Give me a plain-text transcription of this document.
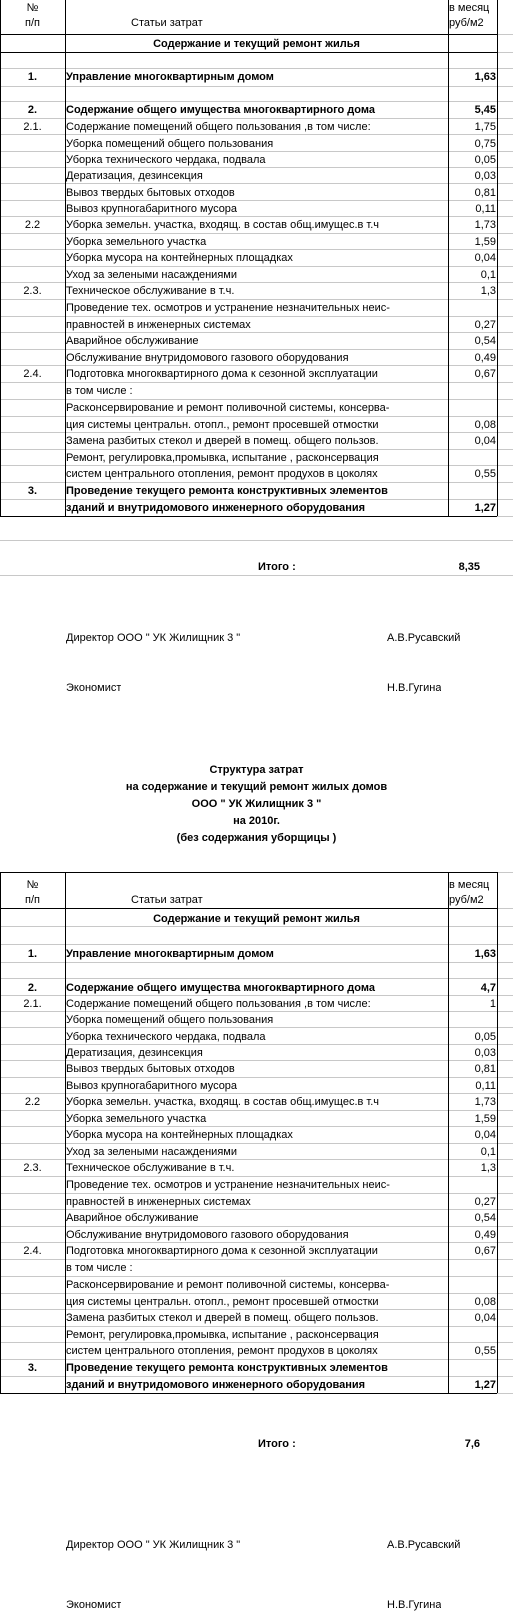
№
п/п	Статьи затрат
в месяц
руб/м2
Содержание и текущий ремонт жилья
1.	Управление многоквартирным домом	1,63
2.	Содержание общего имущества многоквартирного дома	5,45
2.1.	Содержание помещений общего пользования ,в том числе:	1,75
Уборка помещений общего пользования	0,75
Уборка технического чердака, подвала	0,05
Дератизация, дезинсекция	0,03
Вывоз твердых бытовых отходов	0,81
Вывоз крупногабаритного мусора	0,11
2.2	Уборка земельн. участка, входящ. в состав общ.имущес.в т.ч	1,73
Уборка земельного участка	1,59
Уборка мусора на контейнерных площадках	0,04
Уход за зелеными насаждениями	0,1
2.3.	Техническое обслуживание в т.ч.	1,3
Проведение тех. осмотров и устранение незначительных неис-
правностей в инженерных системах	0,27
Аварийное обслуживание	0,54
Обслуживание внутридомового газового оборудования	0,49
2.4.	Подготовка многоквартирного дома к сезонной эксплуатации	0,67
в том числе :
Расконсервирование и ремонт поливочной системы, консерва-
ция системы центральн. отопл., ремонт просевшей отмостки	0,08
Замена разбитых стекол и дверей в помещ. общего пользов.	0,04
Ремонт, регулировка,промывка, испытание , расконсервация
систем центрального отопления, ремонт продухов в цоколях	0,55
3.	Проведение текущего ремонта конструктивных элементов
зданий и внутридомового инженерного оборудования	1,27
Итого :	8,35
Директор ООО " УК Жилищник 3 "	А.В.Русавский
Экономист	Н.В.Гугина
Структура затрат
на содержание и текущий ремонт жилых домов
ООО " УК Жилищник 3 "
на 2010г.
(без содержания уборщицы )
№
п/п	Статьи затрат
в месяц
руб/м2
Содержание и текущий ремонт жилья
1.	Управление многоквартирным домом	1,63
2.	Содержание общего имущества многоквартирного дома	4,7
2.1.	Содержание помещений общего пользования ,в том числе:	1
Уборка помещений общего пользования
Уборка технического чердака, подвала	0,05
Дератизация, дезинсекция	0,03
Вывоз твердых бытовых отходов	0,81
Вывоз крупногабаритного мусора	0,11
2.2	Уборка земельн. участка, входящ. в состав общ.имущес.в т.ч	1,73
Уборка земельного участка	1,59
Уборка мусора на контейнерных площадках	0,04
Уход за зелеными насаждениями	0,1
2.3.	Техническое обслуживание в т.ч.	1,3
Проведение тех. осмотров и устранение незначительных неис-
правностей в инженерных системах	0,27
Аварийное обслуживание	0,54
Обслуживание внутридомового газового оборудования	0,49
2.4.	Подготовка многоквартирного дома к сезонной эксплуатации	0,67
в том числе :
Расконсервирование и ремонт поливочной системы, консерва-
ция системы центральн. отопл., ремонт просевшей отмостки	0,08
Замена разбитых стекол и дверей в помещ. общего пользов.	0,04
Ремонт, регулировка,промывка, испытание , расконсервация
систем центрального отопления, ремонт продухов в цоколях	0,55
3.	Проведение текущего ремонта конструктивных элементов
зданий и внутридомового инженерного оборудования	1,27
Итого :	7,6
Директор ООО " УК Жилищник 3 "	А.В.Русавский
Экономист	Н.В.Гугина
